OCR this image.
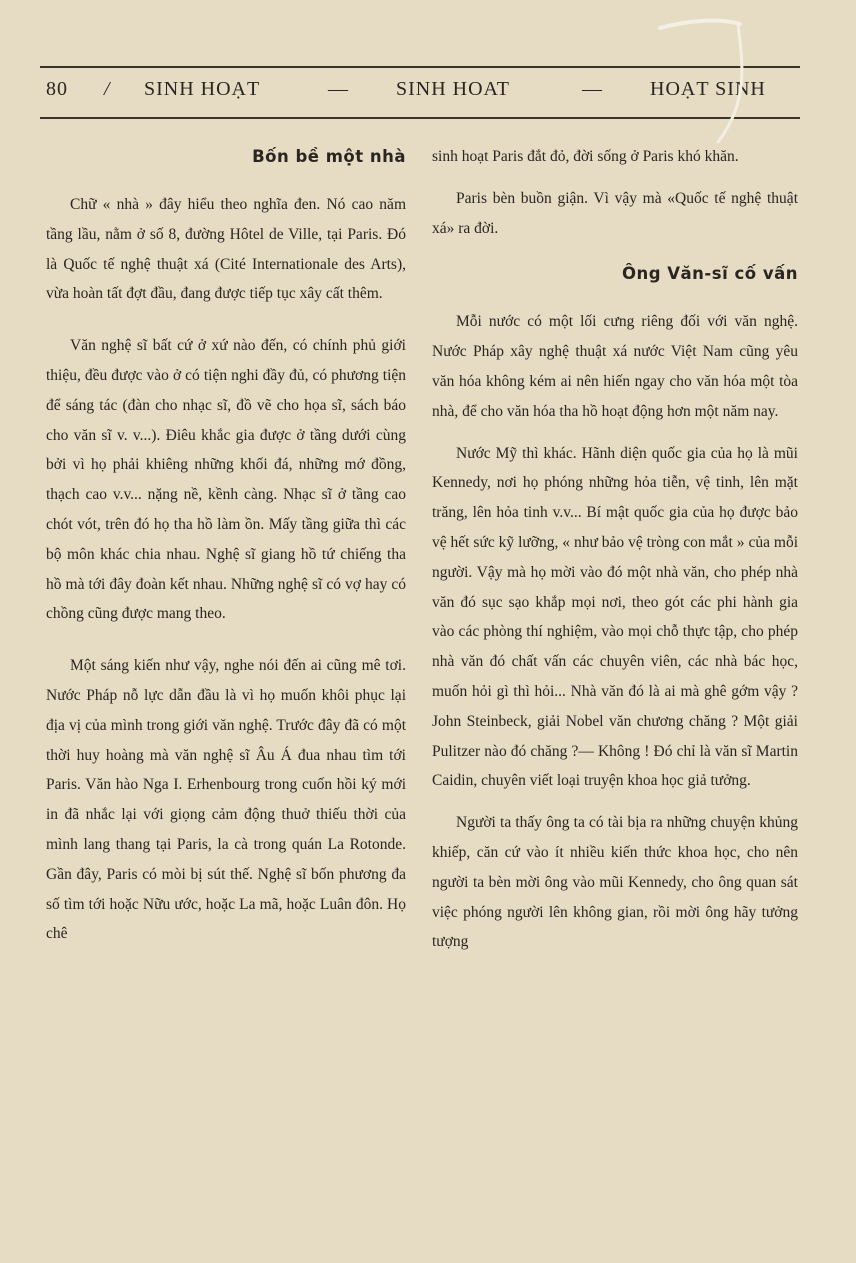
80 / SINH HOẠT	— SINH HOAT	— HOẠT SINH
Bốn bề một nhà

Chữ « nhà » đây hiểu theo nghĩa đen. Nó cao năm tầng lầu, nằm ở số 8, đường Hôtel de Ville, tại Paris. Đó là Quốc tế nghệ thuật xá (Cité Internationale des Arts), vừa hoàn tất đợt đầu, đang được tiếp tục xây cất thêm.

Văn nghệ sĩ bất cứ ở xứ nào đến, có chính phủ giới thiệu, đều được vào ở có tiện nghi đầy đủ, có phương tiện để sáng tác (đàn cho nhạc sĩ, đồ vẽ cho họa sĩ, sách báo cho văn sĩ v. v...). Điêu khắc gia được ở tầng dưới cùng bởi vì họ phải khiêng những khối đá, những mớ đồng, thạch cao v.v... nặng nề, kềnh càng. Nhạc sĩ ở tầng cao chót vót, trên đó họ tha hồ làm ồn. Mấy tầng giữa thì các bộ môn khác chia nhau. Nghệ sĩ giang hồ tứ chiếng tha hồ mà tới đây đoàn kết nhau. Những nghệ sĩ có vợ hay có chồng cũng được mang theo.

Một sáng kiến như vậy, nghe nói đến ai cũng mê tơi. Nước Pháp nỗ lực dẫn đầu là vì họ muốn khôi phục lại địa vị của mình trong giới văn nghệ. Trước đây đã có một thời huy hoàng mà văn nghệ sĩ Âu Á đua nhau tìm tới Paris. Văn hào Nga I. Erhenbourg trong cuốn hồi ký mới in đã nhắc lại với giọng cảm động thuở thiếu thời của mình lang thang tại Paris, la cà trong quán La Rotonde. Gần đây, Paris có mòi bị sút thế. Nghệ sĩ bốn phương đa số tìm tới hoặc Nữu ước, hoặc La mã, hoặc Luân đôn. Họ chê

sinh hoạt Paris đắt đỏ, đời sống ở Paris khó khăn.

Paris bèn buồn giận. Vì vậy mà «Quốc tế nghệ thuật xá» ra đời.

Ông Văn-sĩ cố vấn

Mỗi nước có một lối cưng riêng đối với văn nghệ. Nước Pháp xây nghệ thuật xá nước Việt Nam cũng yêu văn hóa không kém ai nên hiến ngay cho văn hóa một tòa nhà, để cho văn hóa tha hồ hoạt động hơn một năm nay.

Nước Mỹ thì khác. Hãnh diện quốc gia của họ là mũi Kennedy, nơi họ phóng những hỏa tiễn, vệ tinh, lên mặt trăng, lên hỏa tinh v.v... Bí mật quốc gia của họ được bảo vệ hết sức kỹ lưỡng, « như bảo vệ tròng con mắt » của mỗi người. Vậy mà họ mời vào đó một nhà văn, cho phép nhà văn đó sục sạo khắp mọi nơi, theo gót các phi hành gia vào các phòng thí nghiệm, vào mọi chỗ thực tập, cho phép nhà văn đó chất vấn các chuyên viên, các nhà bác học, muốn hỏi gì thì hỏi... Nhà văn đó là ai mà ghê gớm vậy ? John Steinbeck, giải Nobel văn chương chăng ? Một giải Pulitzer nào đó chăng ?— Không ! Đó chỉ là văn sĩ Martin Caidin, chuyên viết loại truyện khoa học giả tưởng.

Người ta thấy ông ta có tài bịa ra những chuyện khủng khiếp, căn cứ vào ít nhiều kiến thức khoa học, cho nên người ta bèn mời ông vào mũi Kennedy, cho ông quan sát việc phóng người lên không gian, rồi mời ông hãy tưởng tượng
